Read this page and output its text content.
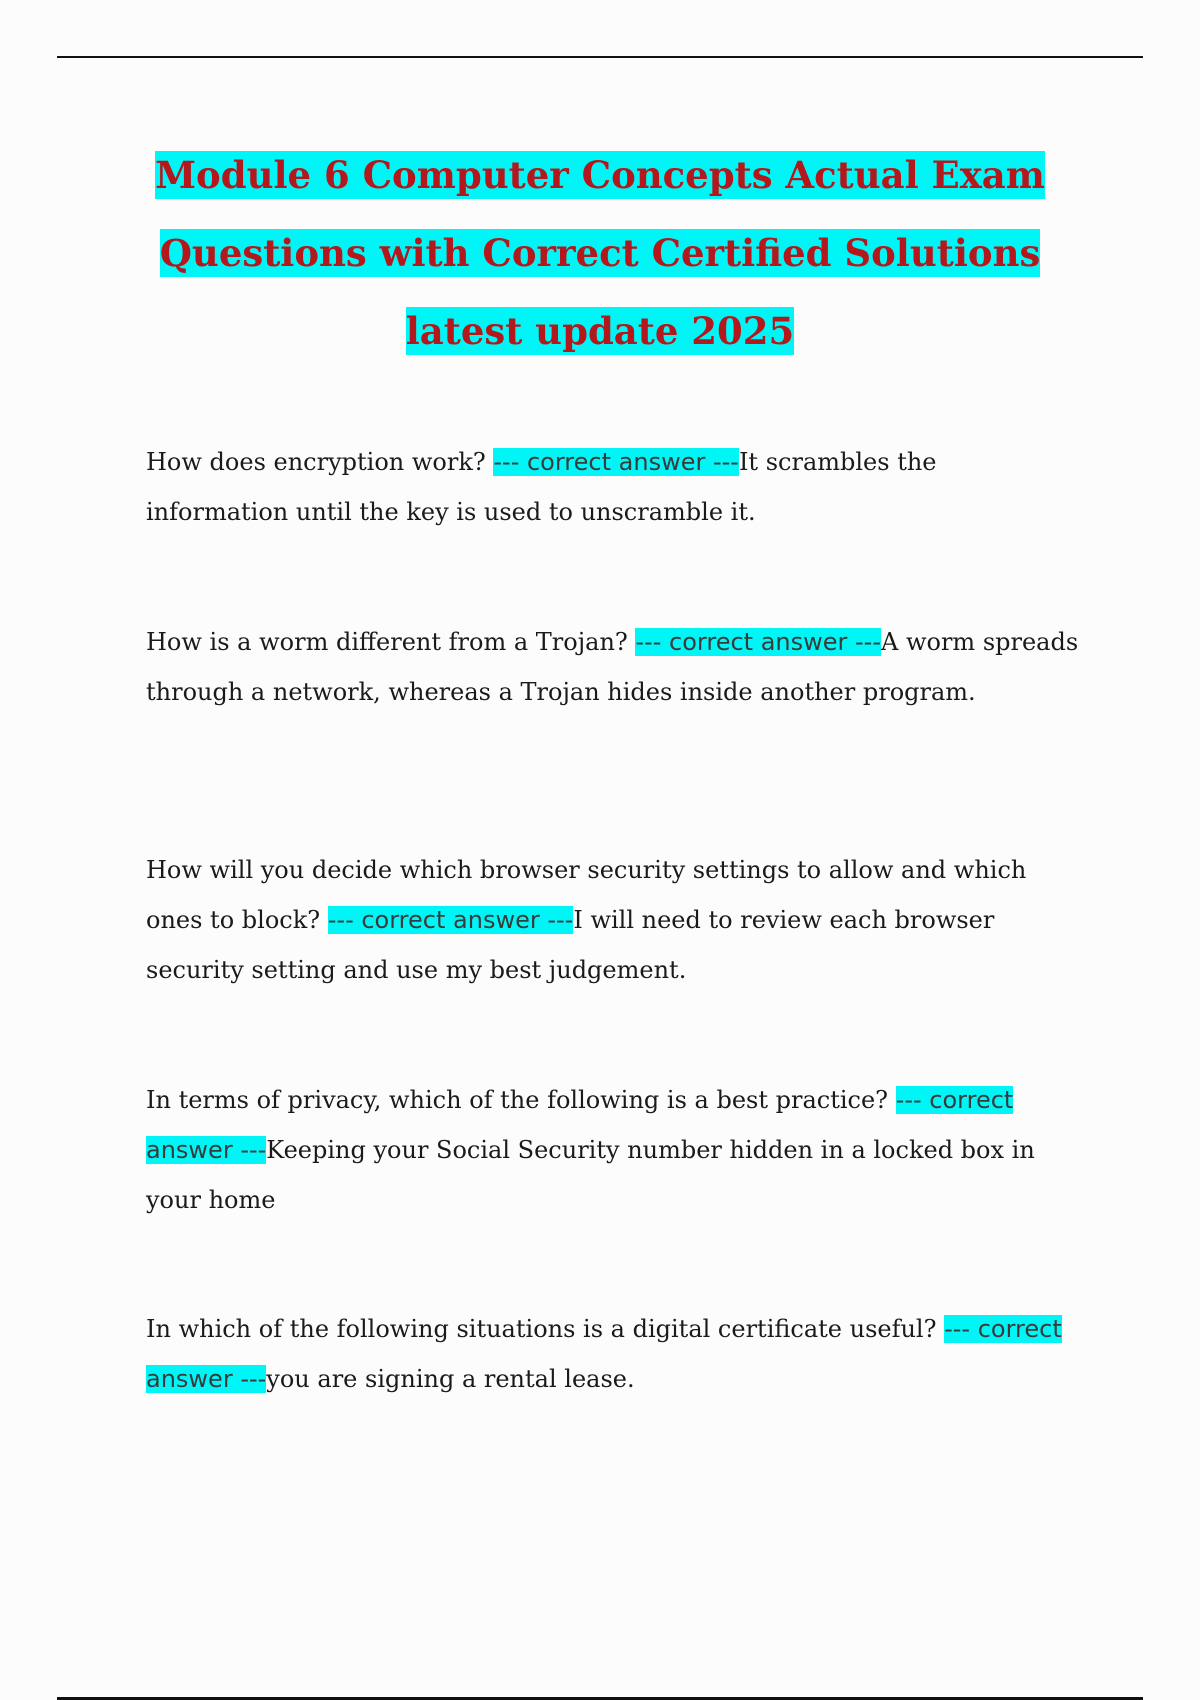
Module 6 Computer Concepts Actual Exam Questions with Correct Certified Solutions latest update 2025

How does encryption work? --- correct answer ---It scrambles the information until the key is used to unscramble it.

How is a worm different from a Trojan? --- correct answer ---A worm spreads through a network, whereas a Trojan hides inside another program.

How will you decide which browser security settings to allow and which ones to block? --- correct answer ---I will need to review each browser security setting and use my best judgement.

In terms of privacy, which of the following is a best practice? --- correct answer ---Keeping your Social Security number hidden in a locked box in your home

In which of the following situations is a digital certificate useful? --- correct answer ---you are signing a rental lease.
